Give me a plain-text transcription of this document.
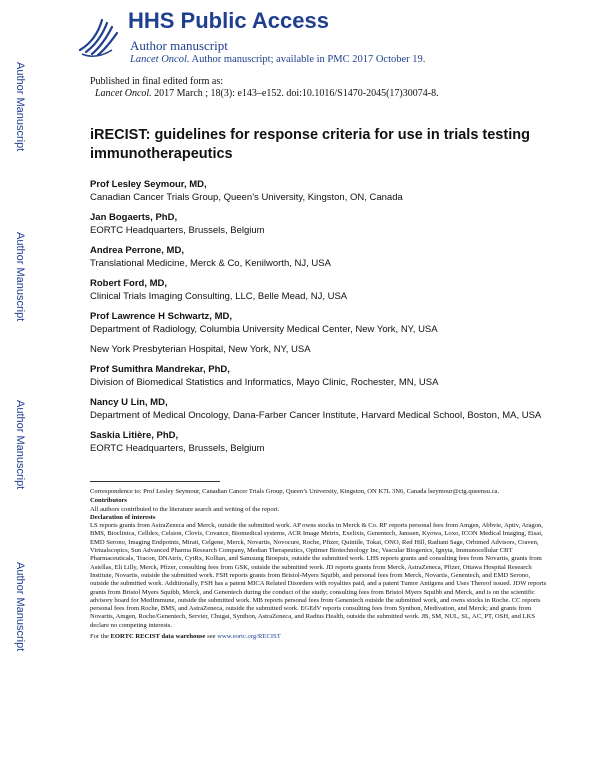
Author Manuscript
Author Manuscript
Author Manuscript
Author Manuscript
HHS Public Access
Author manuscript
Lancet Oncol. Author manuscript; available in PMC 2017 October 19.
Published in final edited form as:
Lancet Oncol. 2017 March ; 18(3): e143–e152. doi:10.1016/S1470-2045(17)30074-8.
iRECIST: guidelines for response criteria for use in trials testing immunotherapeutics
Prof Lesley Seymour, MD,
Canadian Cancer Trials Group, Queen’s University, Kingston, ON, Canada
Jan Bogaerts, PhD,
EORTC Headquarters, Brussels, Belgium
Andrea Perrone, MD,
Translational Medicine, Merck & Co, Kenilworth, NJ, USA
Robert Ford, MD,
Clinical Trials Imaging Consulting, LLC, Belle Mead, NJ, USA
Prof Lawrence H Schwartz, MD,
Department of Radiology, Columbia University Medical Center, New York, NY, USA
New York Presbyterian Hospital, New York, NY, USA
Prof Sumithra Mandrekar, PhD,
Division of Biomedical Statistics and Informatics, Mayo Clinic, Rochester, MN, USA
Nancy U Lin, MD,
Department of Medical Oncology, Dana-Farber Cancer Institute, Harvard Medical School, Boston, MA, USA
Saskia Litière, PhD,
EORTC Headquarters, Brussels, Belgium
Correspondence to: Prof Lesley Seymour, Canadian Cancer Trials Group, Queen’s University, Kingston, ON K7L 3N6, Canada lseymour@ctg.queensu.ca.
Contributors
All authors contributed to the literature search and writing of the report.
Declaration of interests
LS reports grants from AstraZeneca and Merck, outside the submitted work. AP owns stocks in Merck & Co. RF reports personal fees from Amgen, Abbvie, Aptiv, Aragon, BMS, Bioclinica, Celldex, Celsion, Clovis, Covance, Biomedical systems, ACR Image Metrix, Exelixis, Genentech, Janssen, Kyowa, Loxo, ICON Medical Imaging, Eisai, EMD Serono, Imaging Endpoints, Mirati, Celgene, Merck, Novartis, Novocure, Roche, Pfizer, Quintile, Tokai, ONO, Red Hill, Radiant Sage, Orbimed Advisors, Craven, Virtualscopics, Sun Advanced Pharma Research Company, Median Therapeutics, Optimer Biotechnology Inc, Vascular Biogenics, Ignyta, Immunocellular CBT Pharmaceuticals, Tracon, DNAtrix, CytRx, Kolltan, and Samsung Bioepsis, outside the submitted work. LHS reports grants and consulting fees from Novartis, grants from Astellas, Eli Lilly, Merck, Pfizer, consulting fees from GSK, outside the submitted work. JD reports grants from Merck, AstraZeneca, Pfizer, Ottawa Hospital Research Institute, Novartis, outside the submitted work. FSH reports grants from Bristol-Myers Squibb, and personal fees from Merck, Novartis, Genentech, and EMD Serono, outside the submitted work. Additionally, FSH has a patent MICA Related Disorders with royalties paid, and a patent Tumor Antigens and Uses Thereof issued. JDW reports grants from Bristol Myers Squibb, Merck, and Genentech during the conduct of the study; consulting fees from Bristol Myers Squibb and Merck, and is on the scientific advisory board for MedImmune, outside the submitted work. MB reports personal fees from Genentech outside the submitted work, and owns stocks in Roche. CC reports personal fees from Roche, BMS, and AstraZeneca, outside the submitted work. EGEdV reports consulting fees from Synthon, Medivation, and Merck; and grants from Novartis, Amgen, Roche/Genentech, Servier, Chugai, Synthon, AstraZeneca, and Radius Health, outside the submitted work. JB, SM, NUL, SL, AC, PT, OSH, and LKS declare no competing interests.
For the EORTC RECIST data warehouse see www.eortc.org/RECIST
